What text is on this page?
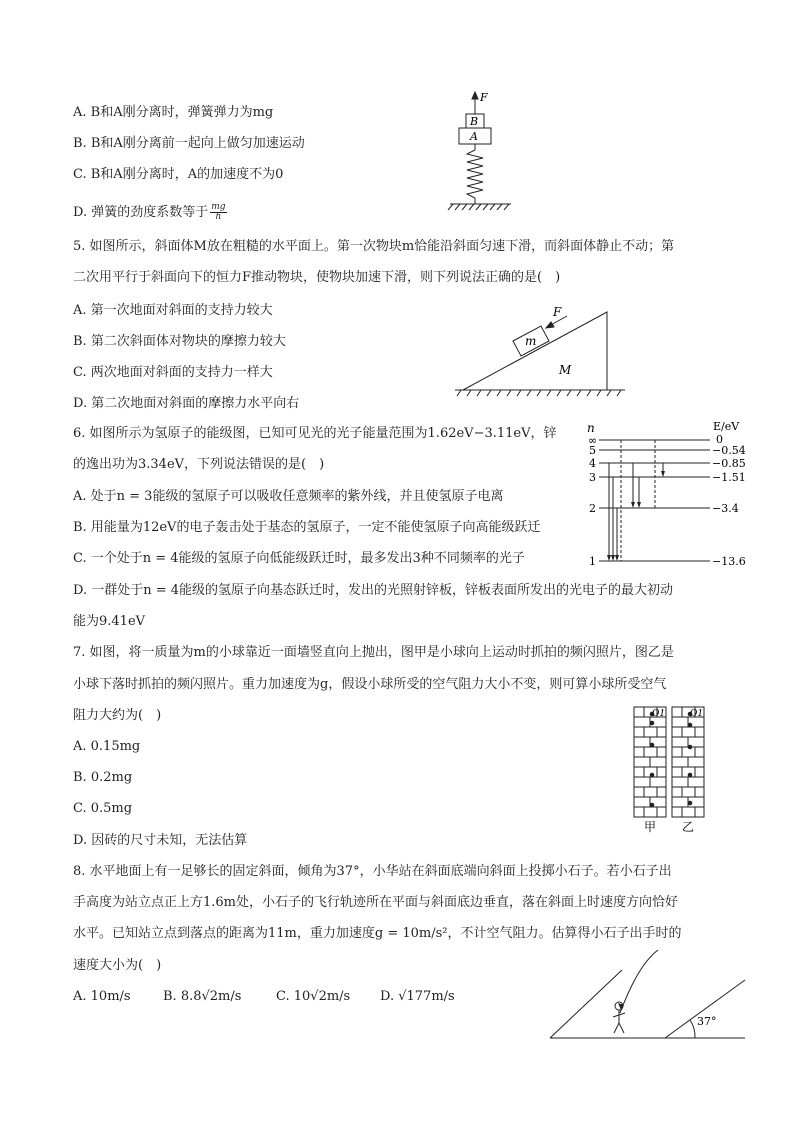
A. B和A刚分离时，弹簧弹力为mg
B. B和A刚分离前一起向上做匀加速运动
C. B和A刚分离时，A的加速度不为0
D. 弹簧的劲度系数等于 $\frac{mg}{h}$
F
B
A
5. 如图所示，斜面体M放在粗糙的水平面上。第一次物块m恰能沿斜面匀速下滑，而斜面体静止不动；第
二次用平行于斜面向下的恒力F推动物块，使物块加速下滑，则下列说法正确的是(　)
A. 第一次地面对斜面的支持力较大
B. 第二次斜面体对物块的摩擦力较大
C. 两次地面对斜面的支持力一样大
D. 第二次地面对斜面的摩擦力水平向右
F
m
M
6. 如图所示为氢原子的能级图，已知可见光的光子能量范围为1.62eV−3.11eV，锌
的逸出功为3.34eV，下列说法错误的是(　)
A. 处于n = 3能级的氢原子可以吸收任意频率的紫外线，并且使氢原子电离
B. 用能量为12eV的电子轰击处于基态的氢原子，一定不能使氢原子向高能级跃迁
C. 一个处于n = 4能级的氢原子向低能级跃迁时，最多发出3种不同频率的光子
D. 一群处于n = 4能级的氢原子向基态跃迁时，发出的光照射锌板，锌板表面所发出的光电子的最大初动
能为9.41eV
n	E/eV
∞
5
4
3
2
1
0
−0.54
−0.85
−1.51
−3.4
−13.6
7. 如图，将一质量为m的小球靠近一面墙竖直向上抛出，图甲是小球向上运动时抓拍的频闪照片，图乙是
小球下落时抓拍的频闪照片。重力加速度为g，假设小球所受的空气阻力大小不变，则可算小球所受空气
阻力大约为(　)
A. 0.15mg
B. 0.2mg
C. 0.5mg
D. 因砖的尺寸未知，无法估算
O1	O1
甲 乙
8. 水平地面上有一足够长的固定斜面，倾角为37°，小华站在斜面底端向斜面上投掷小石子。若小石子出
手高度为站立点正上方1.6m处，小石子的飞行轨迹所在平面与斜面底边垂直，落在斜面上时速度方向恰好
水平。已知站立点到落点的距离为11m，重力加速度g = 10m/s²，不计空气阻力。估算得小石子出手时的
速度大小为(　)
A. 10m/s B. 8.8√2m/s	C. 10√2m/s D. √177m/s
37°
